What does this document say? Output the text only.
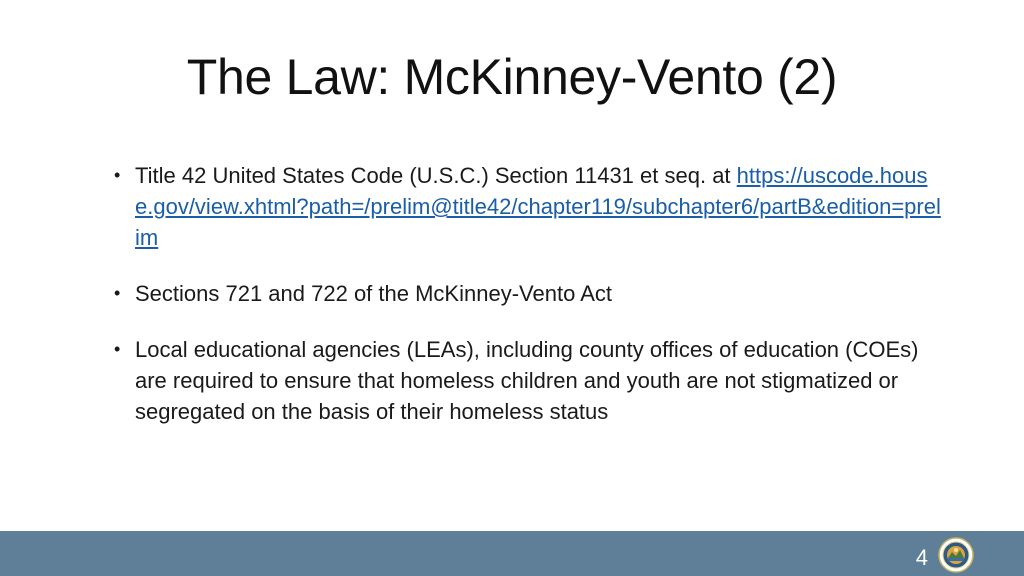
The Law: McKinney-Vento (2)
• Title 42 United States Code (U.S.C.) Section 11431 et seq. at https://uscode.house.gov/view.xhtml?path=/prelim@title42/chapter119/subchapter6/partB&edition=prelim
• Sections 721 and 722 of the McKinney-Vento Act
• Local educational agencies (LEAs), including county offices of education (COEs) are required to ensure that homeless children and youth are not stigmatized or segregated on the basis of their homeless status
4
